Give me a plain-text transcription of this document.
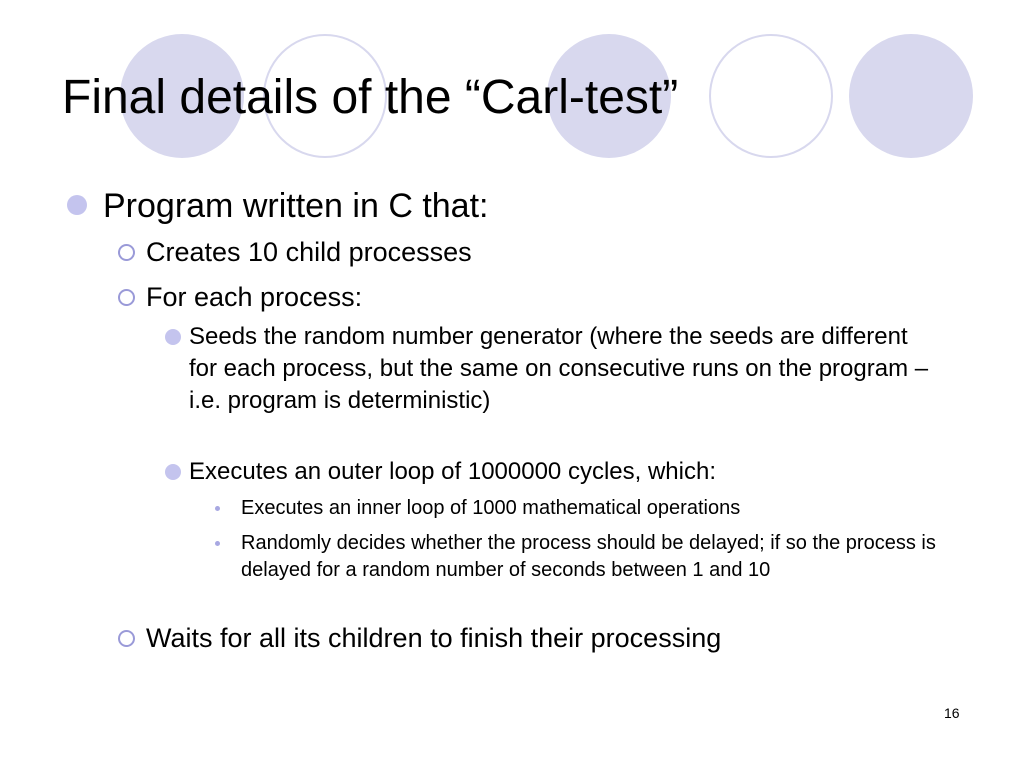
Final details of the “Carl-test”
Program written in C that:
Creates 10 child processes
For each process:
Seeds the random number generator (where the seeds are different for each process, but the same on consecutive runs on the program – i.e. program is deterministic)
Executes an outer loop of 1000000 cycles, which:
Executes an inner loop of 1000 mathematical operations
Randomly decides whether the process should be delayed; if so the process is delayed for a random number of seconds between 1 and 10
Waits for all its children to finish their processing
16
